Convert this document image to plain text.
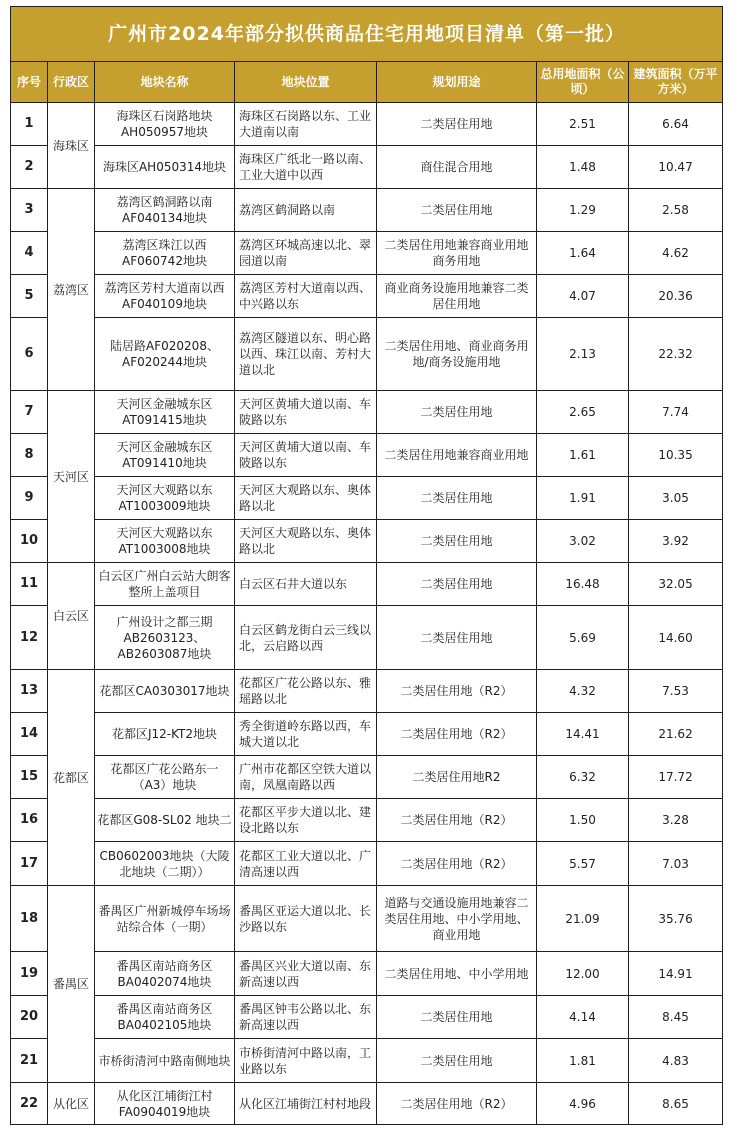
广州市2024年部分拟供商品住宅用地项目清单（第一批）						
序号	行政区	地块名称	地块位置	规划用途	总用地面积（公顷）	建筑面积（万平方米）
1	海珠区	海珠区石岗路地块AH050957地块	海珠区石岗路以东、工业大道南以南	二类居住用地	2.51	6.64
2		海珠区AH050314地块	海珠区广纸北一路以南、工业大道中以西	商住混合用地	1.48	10.47
3	荔湾区	荔湾区鹤洞路以南AF040134地块	荔湾区鹤洞路以南	二类居住用地	1.29	2.58
4		荔湾区珠江以西AF060742地块	荔湾区环城高速以北、翠园道以南	二类居住用地兼容商业用地商务用地	1.64	4.62
5		荔湾区芳村大道南以西AF040109地块	荔湾区芳村大道南以西、中兴路以东	商业商务设施用地兼容二类居住用地	4.07	20.36
6		陆居路AF020208、AF020244地块	荔湾区隧道以东、明心路以西、珠江以南、芳村大道以北	二类居住用地、商业商务用地/商务设施用地	2.13	22.32
7	天河区	天河区金融城东区AT091415地块	天河区黄埔大道以南、车陂路以东	二类居住用地	2.65	7.74
8		天河区金融城东区AT091410地块	天河区黄埔大道以南、车陂路以东	二类居住用地兼容商业用地	1.61	10.35
9		天河区大观路以东AT1003009地块	天河区大观路以东、奥体路以北	二类居住用地	1.91	3.05
10		天河区大观路以东AT1003008地块	天河区大观路以东、奥体路以北	二类居住用地	3.02	3.92
11	白云区	白云区广州白云站大朗客整所上盖项目	白云区石井大道以东	二类居住用地	16.48	32.05
12		广州设计之都三期AB2603123、AB2603087地块	白云区鹤龙街白云三线以北，云启路以西	二类居住用地	5.69	14.60
13	花都区	花都区CA0303017地块	花都区广花公路以东、雅瑶路以北	二类居住用地（R2）	4.32	7.53
14		花都区J12-KT2地块	秀全街道岭东路以西，车城大道以北	二类居住用地（R2）	14.41	21.62
15		花都区广花公路东一（A3）地块	广州市花都区空铁大道以南，凤凰南路以西	二类居住用地R2	6.32	17.72
16		花都区G08-SL02 地块二	花都区平步大道以北、建设北路以东	二类居住用地（R2）	1.50	3.28
17		CB0602003地块（大陵北地块（二期））	花都区工业大道以北、广清高速以西	二类居住用地（R2）	5.57	7.03
18	番禺区	番禺区广州新城停车场场站综合体（一期）	番禺区亚运大道以北、长沙路以东	道路与交通设施用地兼容二类居住用地、中小学用地、商业用地	21.09	35.76
19		番禺区南站商务区BA0402074地块	番禺区兴业大道以南、东新高速以西	二类居住用地、中小学用地	12.00	14.91
20		番禺区南站商务区BA0402105地块	番禺区钟韦公路以北、东新高速以西	二类居住用地	4.14	8.45
21		市桥街清河中路南侧地块	市桥街清河中路以南，工业路以东	二类居住用地	1.81	4.83
22	从化区	从化区江埔街江村FA0904019地块	从化区江埔街江村村地段	二类居住用地（R2）	4.96	8.65
